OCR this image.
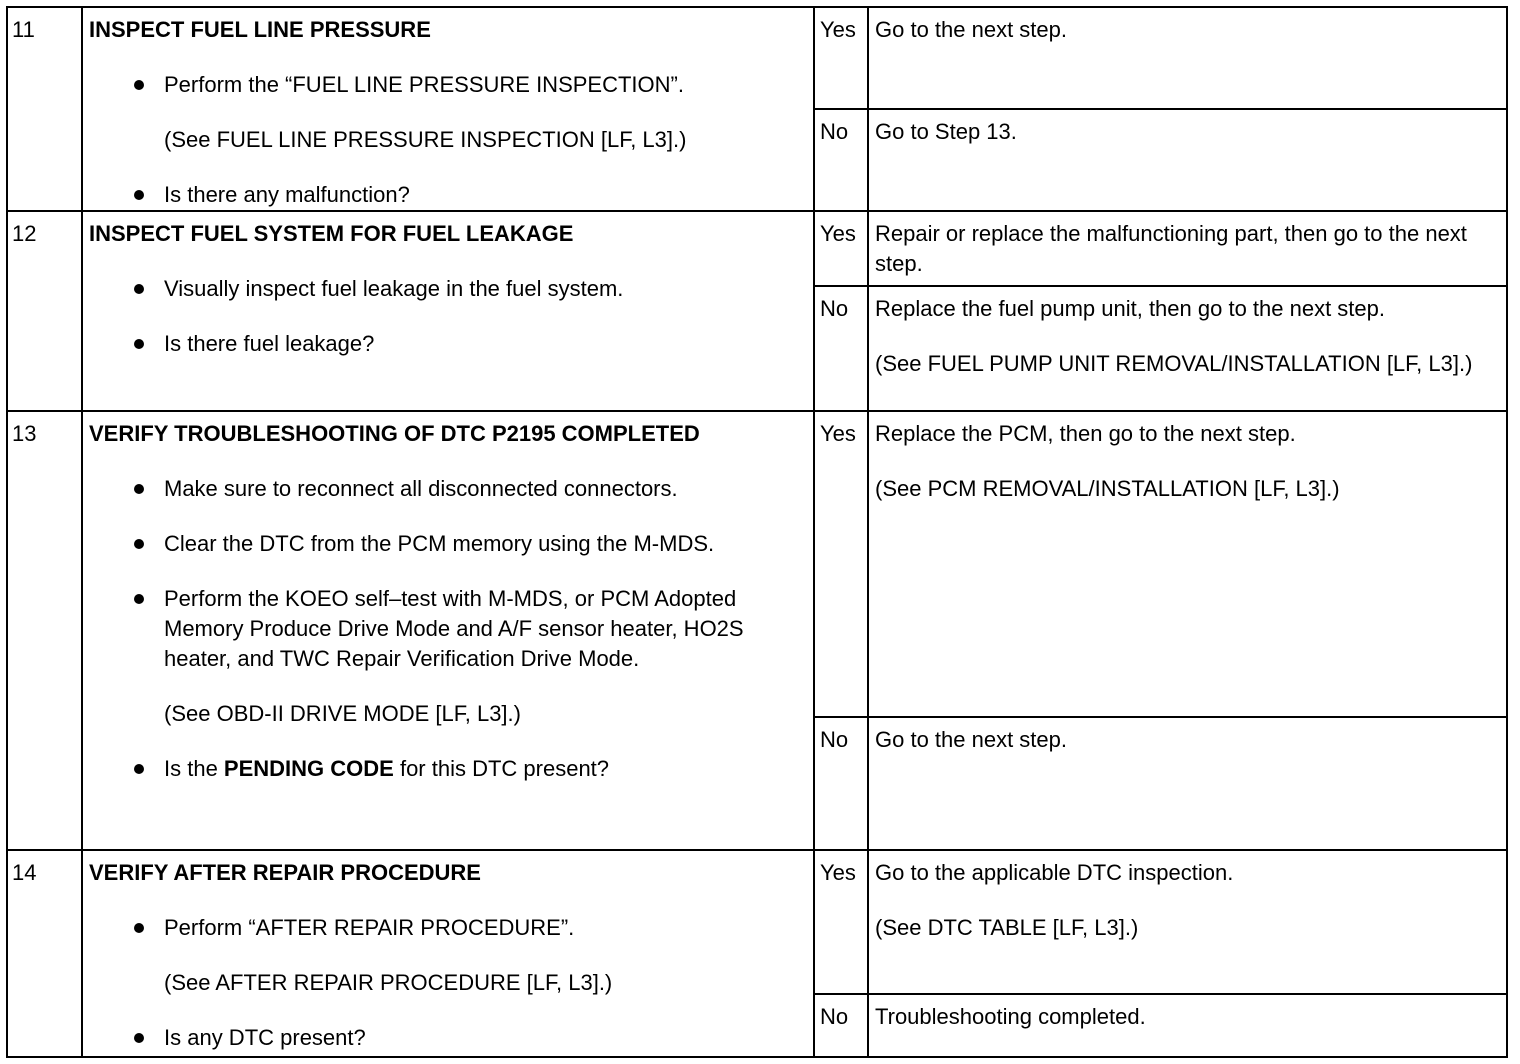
11	INSPECT FUEL LINE PRESSURE
Perform the “FUEL LINE PRESSURE INSPECTION”.
(See FUEL LINE PRESSURE INSPECTION [LF, L3].)
Is there any malfunction?
Yes Go to the next step.
No	Go to Step 13.
12	INSPECT FUEL SYSTEM FOR FUEL LEAKAGE
Visually inspect fuel leakage in the fuel system.
Is there fuel leakage?
Yes Repair or replace the malfunctioning part, then go to the next step.
No	Replace the fuel pump unit, then go to the next step.
(See FUEL PUMP UNIT REMOVAL/INSTALLATION [LF, L3].)
13	VERIFY TROUBLESHOOTING OF DTC P2195 COMPLETED
Make sure to reconnect all disconnected connectors.
Clear the DTC from the PCM memory using the M-MDS.
Perform the KOEO self–test with M-MDS, or PCM Adopted Memory Produce Drive Mode and A/F sensor heater, HO2S heater, and TWC Repair Verification Drive Mode.
(See OBD-II DRIVE MODE [LF, L3].)
Is the PENDING CODE for this DTC present?
Yes Replace the PCM, then go to the next step.
(See PCM REMOVAL/INSTALLATION [LF, L3].)
No	Go to the next step.
14	VERIFY AFTER REPAIR PROCEDURE
Perform “AFTER REPAIR PROCEDURE”.
(See AFTER REPAIR PROCEDURE [LF, L3].)
Is any DTC present?
Yes Go to the applicable DTC inspection.
(See DTC TABLE [LF, L3].)
No	Troubleshooting completed.
